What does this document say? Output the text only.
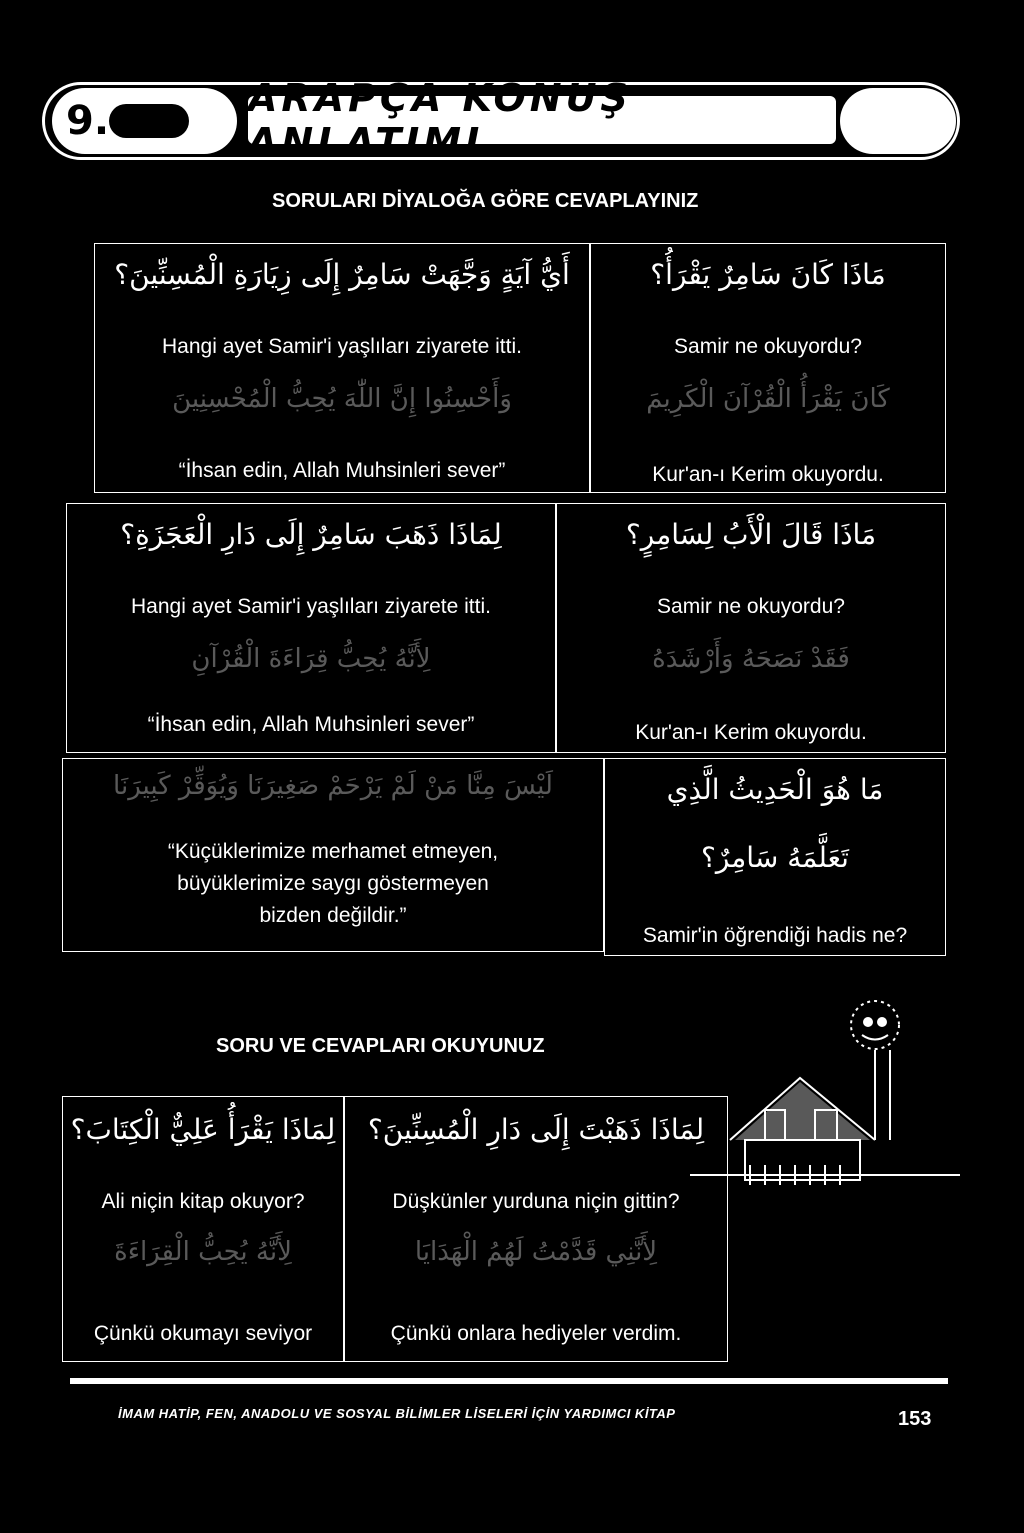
9.	ARAPÇA KONUŞ ANLATIMI
SORULARI DİYALOĞA GÖRE CEVAPLAYINIZ
أَيُّ آيَةٍ وَجَّهَتْ سَامِرٌ إِلَى زِيَارَةِ الْمُسِنِّينَ؟
Hangi ayet Samir'i yaşlıları ziyarete itti.
وَأَحْسِنُوا إِنَّ اللّٰهَ يُحِبُّ الْمُحْسِنِينَ
“İhsan edin, Allah Muhsinleri sever”
مَاذَا كَانَ سَامِرٌ يَقْرَأُ؟
Samir ne okuyordu?
كَانَ يَقْرَأُ الْقُرْآنَ الْكَرِيمَ
Kur'an-ı Kerim okuyordu.
لِمَاذَا ذَهَبَ سَامِرٌ إِلَى دَارِ الْعَجَزَةِ؟
Hangi ayet Samir'i yaşlıları ziyarete itti.
لِأَنَّهُ يُحِبُّ قِرَاءَةَ الْقُرْآنِ
“İhsan edin, Allah Muhsinleri sever”
مَاذَا قَالَ الْأَبُ لِسَامِرٍ؟
Samir ne okuyordu?
فَقَدْ نَصَحَهُ وَأَرْشَدَهُ
Kur'an-ı Kerim okuyordu.
لَيْسَ مِنَّا مَنْ لَمْ يَرْحَمْ صَغِيرَنَا وَيُوَقِّرْ كَبِيرَنَا
“Küçüklerimize merhamet etmeyen,
büyüklerimize saygı göstermeyen
bizden değildir.”
مَا هُوَ الْحَدِيثُ الَّذِي
تَعَلَّمَهُ سَامِرٌ؟
Samir'in öğrendiği hadis ne?
SORU VE CEVAPLARI OKUYUNUZ
لِمَاذَا يَقْرَأُ عَلِيٌّ الْكِتَابَ؟
Ali niçin kitap okuyor?
لِأَنَّهُ يُحِبُّ الْقِرَاءَةَ
Çünkü okumayı seviyor
لِمَاذَا ذَهَبْتَ إِلَى دَارِ الْمُسِنِّينَ؟
Düşkünler yurduna niçin gittin?
لِأَنَّنِي قَدَّمْتُ لَهُمُ الْهَدَايَا
Çünkü onlara hediyeler verdim.
İMAM HATİP, FEN, ANADOLU VE SOSYAL BİLİMLER LİSELERİ İÇİN YARDIMCI KİTAP	153
